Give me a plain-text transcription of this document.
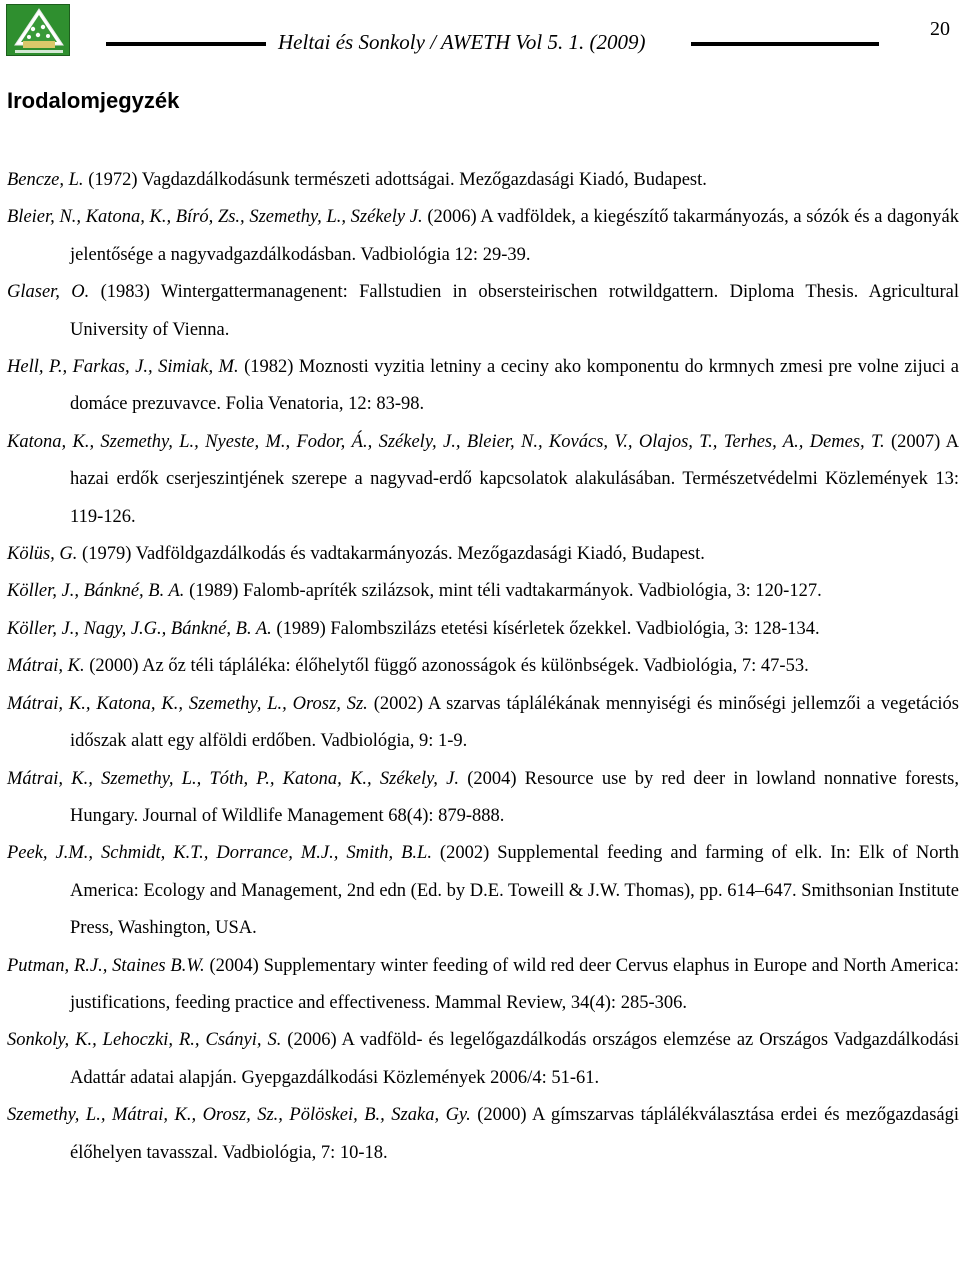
Heltai és Sonkoly / AWETH Vol 5. 1. (2009)
20
Irodalomjegyzék
Bencze, L. (1972) Vagdazdálkodásunk természeti adottságai. Mezőgazdasági Kiadó, Budapest.
Bleier, N., Katona, K., Bíró, Zs., Szemethy, L., Székely J. (2006) A vadföldek, a kiegészítő takarmányozás, a sózók és a dagonyák jelentősége a nagyvadgazdálkodásban. Vadbiológia 12: 29-39.
Glaser, O. (1983) Wintergattermanagenent: Fallstudien in obsersteirischen rotwildgattern. Diploma Thesis. Agricultural University of Vienna.
Hell, P., Farkas, J., Simiak, M. (1982) Moznosti vyzitia letniny a ceciny ako komponentu do krmnych zmesi pre volne zijuci a domáce prezuvavce. Folia Venatoria, 12: 83-98.
Katona, K., Szemethy, L., Nyeste, M., Fodor, Á., Székely, J., Bleier, N., Kovács, V., Olajos, T., Terhes, A., Demes, T. (2007) A hazai erdők cserjeszintjének szerepe a nagyvad-erdő kapcsolatok alakulásában. Természetvédelmi Közlemények 13: 119-126.
Kölüs, G. (1979) Vadföldgazdálkodás és vadtakarmányozás. Mezőgazdasági Kiadó, Budapest.
Köller, J., Bánkné, B. A. (1989) Falomb-apríték szilázsok, mint téli vadtakarmányok. Vadbiológia, 3: 120-127.
Köller, J., Nagy, J.G., Bánkné, B. A. (1989) Falombszilázs etetési kísérletek őzekkel. Vadbiológia, 3: 128-134.
Mátrai, K. (2000) Az őz téli tápláléka: élőhelytől függő azonosságok és különbségek. Vadbiológia, 7: 47-53.
Mátrai, K., Katona, K., Szemethy, L., Orosz, Sz. (2002) A szarvas táplálékának mennyiségi és minőségi jellemzői a vegetációs időszak alatt egy alföldi erdőben. Vadbiológia, 9: 1-9.
Mátrai, K., Szemethy, L., Tóth, P., Katona, K., Székely, J. (2004) Resource use by red deer in lowland nonnative forests, Hungary. Journal of Wildlife Management 68(4): 879-888.
Peek, J.M., Schmidt, K.T., Dorrance, M.J., Smith, B.L. (2002) Supplemental feeding and farming of elk. In: Elk of North America: Ecology and Management, 2nd edn (Ed. by D.E. Toweill & J.W. Thomas), pp. 614–647. Smithsonian Institute Press, Washington, USA.
Putman, R.J., Staines B.W. (2004) Supplementary winter feeding of wild red deer Cervus elaphus in Europe and North America: justifications, feeding practice and effectiveness. Mammal Review, 34(4): 285-306.
Sonkoly, K., Lehoczki, R., Csányi, S. (2006) A vadföld- és legelőgazdálkodás országos elemzése az Országos Vadgazdálkodási Adattár adatai alapján. Gyepgazdálkodási Közlemények 2006/4: 51-61.
Szemethy, L., Mátrai, K., Orosz, Sz., Pölöskei, B., Szaka, Gy. (2000) A gímszarvas táplálékválasztása erdei és mezőgazdasági élőhelyen tavasszal. Vadbiológia, 7: 10-18.
